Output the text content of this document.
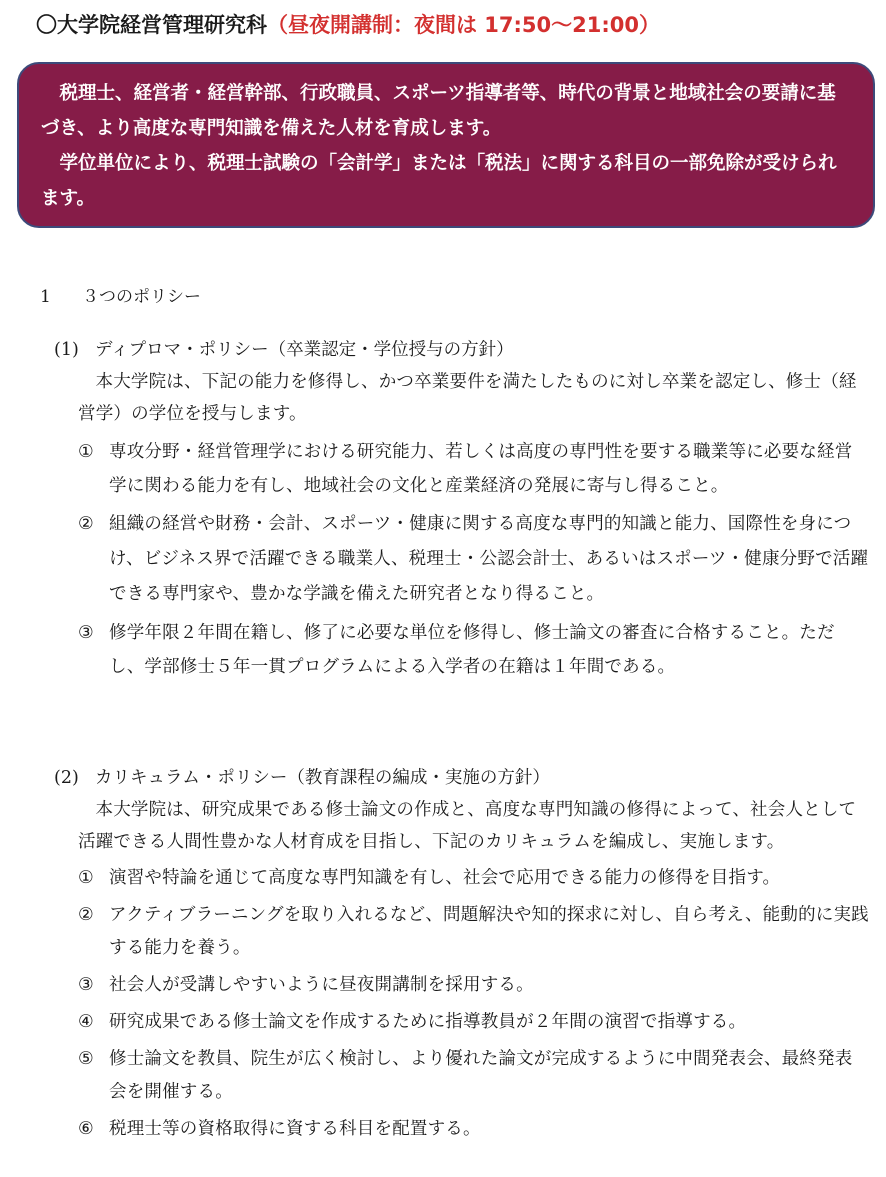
〇大学院経営管理研究科（昼夜開講制：夜間は 17:50～21:00）

税理士、経営者・経営幹部、行政職員、スポーツ指導者等、時代の背景と地域社会の要請に基づき、より高度な専門知識を備えた人材を育成します。

学位単位により、税理士試験の「会計学」または「税法」に関する科目の一部免除が受けられます。

1 ３つのポリシー
(1) ディプロマ・ポリシー（卒業認定・学位授与の方針）

本大学院は、下記の能力を修得し、かつ卒業要件を満たしたものに対し卒業を認定し、修士（経営学）の学位を授与します。

① 専攻分野・経営管理学における研究能力、若しくは高度の専門性を要する職業等に必要な経営学に関わる能力を有し、地域社会の文化と産業経済の発展に寄与し得ること。
② 組織の経営や財務・会計、スポーツ・健康に関する高度な専門的知識と能力、国際性を身につけ、ビジネス界で活躍できる職業人、税理士・公認会計士、あるいはスポーツ・健康分野で活躍できる専門家や、豊かな学識を備えた研究者となり得ること。
③ 修学年限２年間在籍し、修了に必要な単位を修得し、修士論文の審査に合格すること。ただし、学部修士５年一貫プログラムによる入学者の在籍は１年間である。
(2) カリキュラム・ポリシー（教育課程の編成・実施の方針）

本大学院は、研究成果である修士論文の作成と、高度な専門知識の修得によって、社会人として活躍できる人間性豊かな人材育成を目指し、下記のカリキュラムを編成し、実施します。

① 演習や特論を通じて高度な専門知識を有し、社会で応用できる能力の修得を目指す。
② アクティブラーニングを取り入れるなど、問題解決や知的探求に対し、自ら考え、能動的に実践する能力を養う。
③ 社会人が受講しやすいように昼夜開講制を採用する。
④ 研究成果である修士論文を作成するために指導教員が２年間の演習で指導する。
⑤ 修士論文を教員、院生が広く検討し、より優れた論文が完成するように中間発表会、最終発表会を開催する。
⑥ 税理士等の資格取得に資する科目を配置する。
